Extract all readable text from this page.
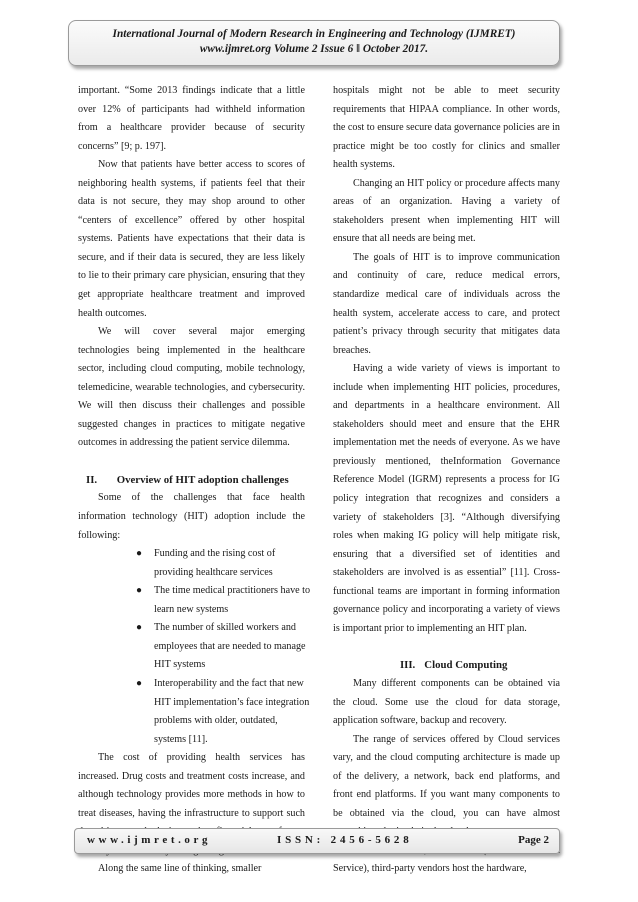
International Journal of Modern Research in Engineering and Technology (IJMRET)
www.ijmret.org Volume 2 Issue 6 ǁ October 2017.

important. “Some 2013 findings indicate that a little over 12% of participants had withheld information from a healthcare provider because of security concerns” [9; p. 197].

Now that patients have better access to scores of neighboring health systems, if patients feel that their data is not secure, they may shop around to other “centers of excellence” offered by other hospital systems. Patients have expectations that their data is secure, and if their data is secured, they are less likely to lie to their primary care physician, ensuring that they get appropriate healthcare treatment and improved health outcomes.

We will cover several major emerging technologies being implemented in the healthcare sector, including cloud computing, mobile technology, telemedicine, wearable technologies, and cybersecurity. We will then discuss their challenges and possible suggested changes in practices to mitigate negative outcomes in addressing the patient service dilemma.

II. Overview of HIT adoption challenges

Some of the challenges that face health information technology (HIT) adoption include the following:

● Funding and the rising cost of providing healthcare services
● The time medical practitioners have to learn new systems
● The number of skilled workers and employees that are needed to manage HIT systems
● Interoperability and the fact that new HIT implementation’s face integration problems with older, outdated, systems [11].

The cost of providing health services has increased. Drug costs and treatment costs increase, and although technology provides more methods in how to treat diseases, having the infrastructure to support such

Along the same line of thinking, smaller

hospitals might not be able to meet security requirements that HIPAA compliance. In other words, the cost to ensure secure data governance policies are in practice might be too costly for clinics and smaller health systems.

Changing an HIT policy or procedure affects many areas of an organization. Having a variety of stakeholders present when implementing HIT will ensure that all needs are being met.

The goals of HIT is to improve communication and continuity of care, reduce medical errors, standardize medical care of individuals across the health system, accelerate access to care, and protect patient’s privacy through security that mitigates data breaches.

Having a wide variety of views is important to include when implementing HIT policies, procedures, and departments in a healthcare environment. All stakeholders should meet and ensure that the EHR implementation met the needs of everyone. As we have previously mentioned, theInformation Governance Reference Model (IGRM) represents a process for IG policy integration that recognizes and considers a variety of stakeholders [3]. “Although diversifying roles when making IG policy will help mitigate risk, ensuring that a diversified set of identities and stakeholders are involved is as essential” [11]. Cross-functional teams are important in forming information governance policy and incorporating a variety of views is important prior to implementing an HIT plan.

III. Cloud Computing

Many different components can be obtained via the cloud. Some use the cloud for data storage, application software, backup and recovery.

The range of services offered by Cloud services vary, and the cloud computing architecture is made up of the delivery, a network, back end platforms, and front end platforms. If you want many components to be obtained via the cloud, you can have almost

Service), third-party vendors host the hardware,

www.ijmret.org	ISSN: 2456-5628	Page 2
